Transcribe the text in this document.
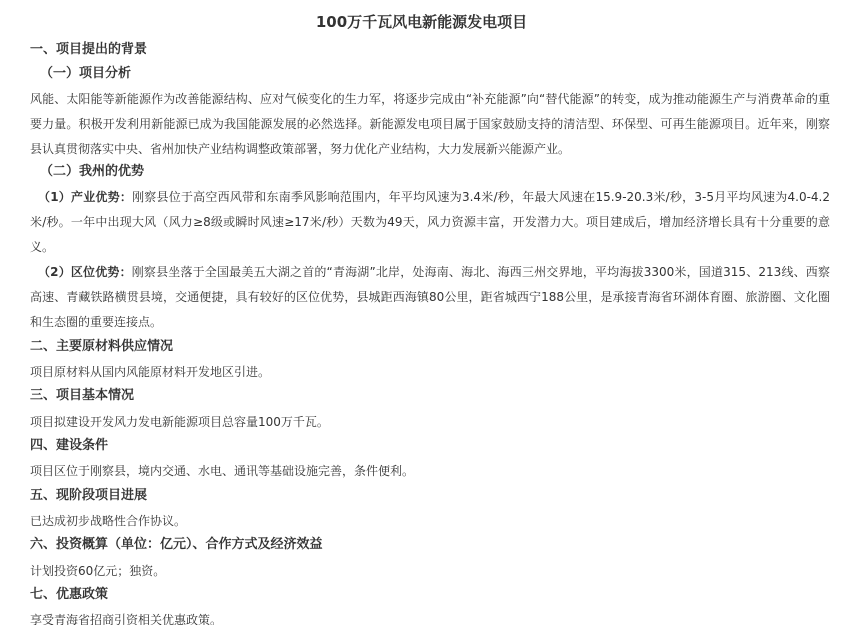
100万千瓦风电新能源发电项目
一、项目提出的背景
（一）项目分析
风能、太阳能等新能源作为改善能源结构、应对气候变化的生力军，将逐步完成由“补充能源”向“替代能源”的转变，成为推动能源生产与消费革命的重要力量。积极开发利用新能源已成为我国能源发展的必然选择。新能源发电项目属于国家鼓励支持的清洁型、环保型、可再生能源项目。近年来，刚察县认真贯彻落实中央、省州加快产业结构调整政策部署，努力优化产业结构，大力发展新兴能源产业。
（二）我州的优势
（1）产业优势：刚察县位于高空西风带和东南季风影响范围内，年平均风速为3.4米/秒，年最大风速在15.9-20.3米/秒，3-5月平均风速为4.0-4.2米/秒。一年中出现大风（风力≥8级或瞬时风速≥17米/秒）天数为49天，风力资源丰富，开发潜力大。项目建成后，增加经济增长具有十分重要的意义。
（2）区位优势：刚察县坐落于全国最美五大湖之首的“青海湖”北岸，处海南、海北、海西三州交界地，平均海拔3300米，国道315、213线、西察高速、青藏铁路横贯县境，交通便捷，具有较好的区位优势，县城距西海镇80公里，距省城西宁188公里，是承接青海省环湖体育圈、旅游圈、文化圈和生态圈的重要连接点。
二、主要原材料供应情况
项目原材料从国内风能原材料开发地区引进。
三、项目基本情况
项目拟建设开发风力发电新能源项目总容量100万千瓦。
四、建设条件
项目区位于刚察县，境内交通、水电、通讯等基础设施完善，条件便利。
五、现阶段项目进展
已达成初步战略性合作协议。
六、投资概算（单位：亿元）、合作方式及经济效益
计划投资60亿元；独资。
七、优惠政策
享受青海省招商引资相关优惠政策。
